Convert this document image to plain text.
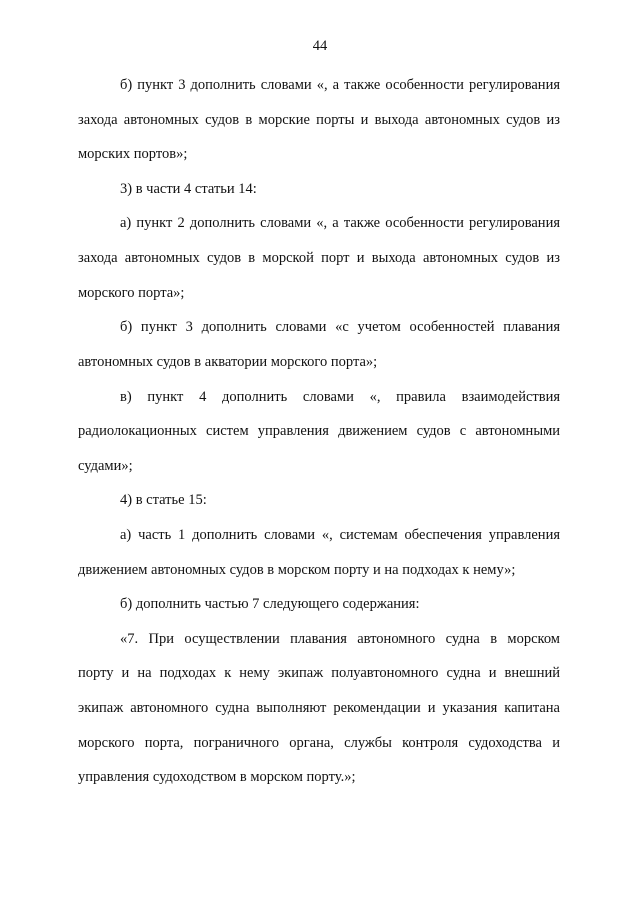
44
б) пункт 3 дополнить словами «, а также особенности регулирования
захода автономных судов в морские порты и выхода автономных судов из
морских портов»;
3) в части 4 статьи 14:
а) пункт 2 дополнить словами «, а также особенности регулирования
захода автономных судов в морской порт и выхода автономных судов из
морского порта»;
б) пункт 3 дополнить словами «с учетом особенностей плавания
автономных судов в акватории морского порта»;
в) пункт 4 дополнить словами «, правила взаимодействия
радиолокационных систем управления движением судов с автономными
судами»;
4) в статье 15:
а) часть 1 дополнить словами «, системам обеспечения управления
движением автономных судов в морском порту и на подходах к нему»;
б) дополнить частью 7 следующего содержания:
«7. При осуществлении плавания автономного судна в морском
порту и на подходах к нему экипаж полуавтономного судна и внешний
экипаж автономного судна выполняют рекомендации и указания капитана
морского порта, пограничного органа, службы контроля судоходства и
управления судоходством в морском порту.»;
